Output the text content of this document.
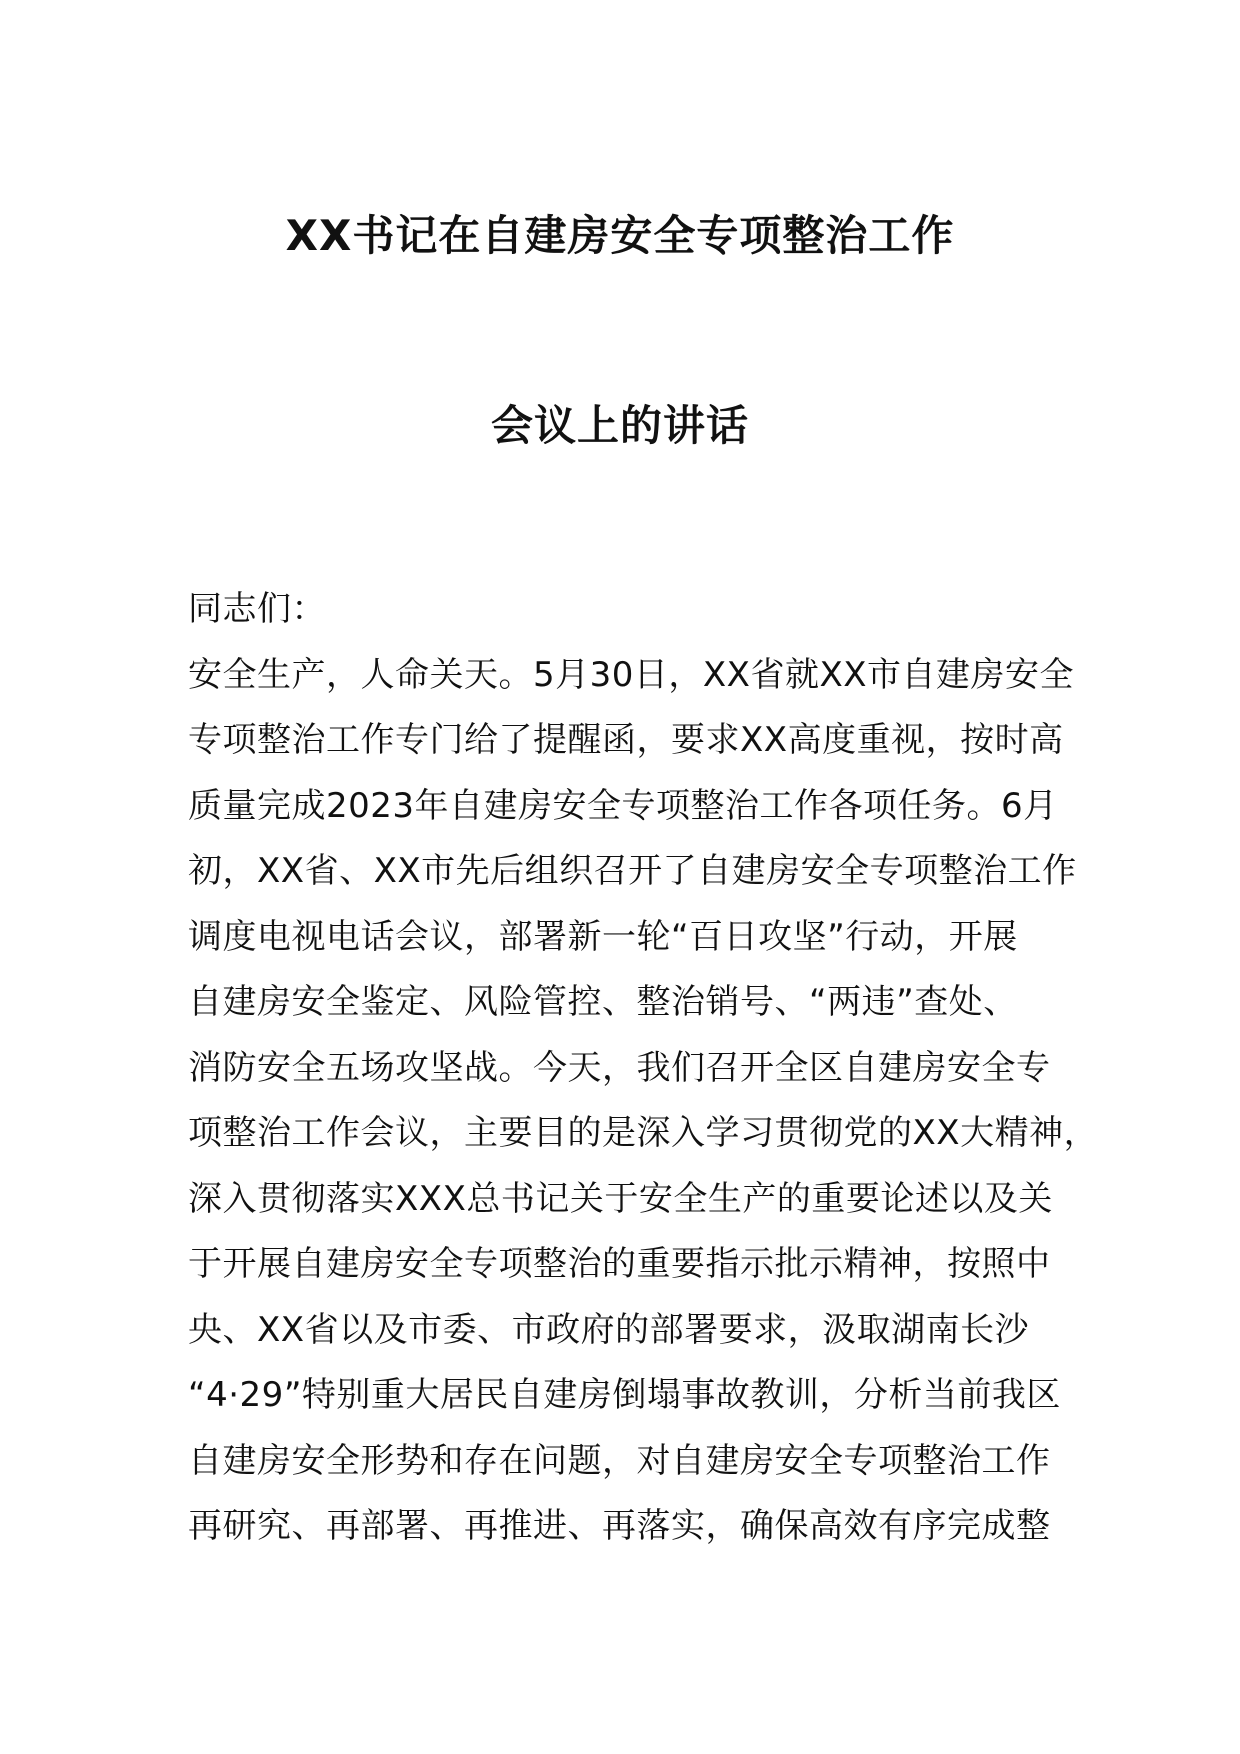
XX书记在自建房安全专项整治工作
会议上的讲话
同志们：
安全生产，人命关天。5月30日，XX省就XX市自建房安全
专项整治工作专门给了提醒函，要求XX高度重视，按时高
质量完成2023年自建房安全专项整治工作各项任务。6月
初，XX省、XX市先后组织召开了自建房安全专项整治工作
调度电视电话会议，部署新一轮“百日攻坚”行动，开展
自建房安全鉴定、风险管控、整治销号、“两违”查处、
消防安全五场攻坚战。今天，我们召开全区自建房安全专
项整治工作会议，主要目的是深入学习贯彻党的XX大精神，
深入贯彻落实XXX总书记关于安全生产的重要论述以及关
于开展自建房安全专项整治的重要指示批示精神，按照中
央、XX省以及市委、市政府的部署要求，汲取湖南长沙
“4·29”特别重大居民自建房倒塌事故教训，分析当前我区
自建房安全形势和存在问题，对自建房安全专项整治工作
再研究、再部署、再推进、再落实，确保高效有序完成整
